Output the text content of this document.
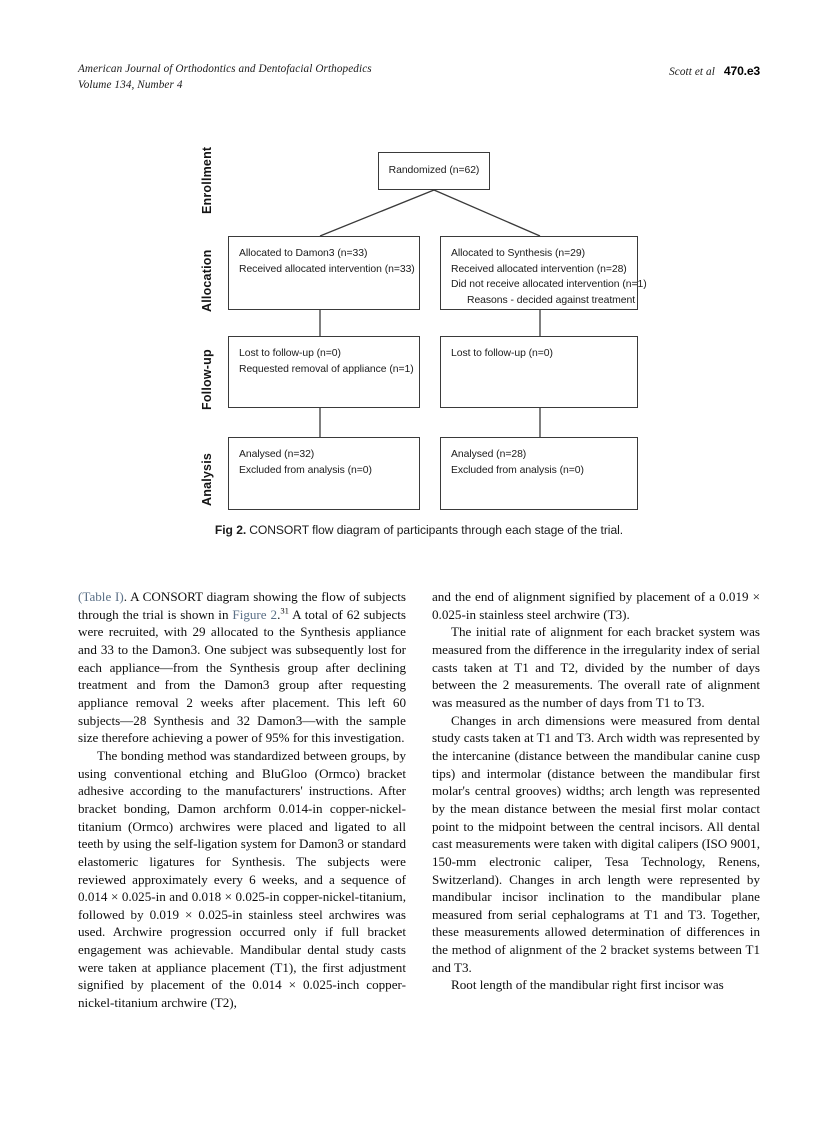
American Journal of Orthodontics and Dentofacial Orthopedics
Volume 134, Number 4
Scott et al 470.e3
Enrollment
Allocation
Follow-up
Analysis
Randomized (n=62)
Allocated to Damon3 (n=33)
Received allocated intervention (n=33)
Allocated to Synthesis (n=29)
Received allocated intervention (n=28)
Did not receive allocated intervention (n=1)
Reasons - decided against treatment
Lost to follow-up (n=0)
Requested removal of appliance (n=1)
Lost to follow-up (n=0)
Analysed (n=32)
Excluded from analysis (n=0)
Analysed (n=28)
Excluded from analysis (n=0)
Fig 2. CONSORT flow diagram of participants through each stage of the trial.

(Table I). A CONSORT diagram showing the flow of subjects through the trial is shown in Figure 2.31 A total of 62 subjects were recruited, with 29 allocated to the Synthesis appliance and 33 to the Damon3. One subject was subsequently lost for each appliance—from the Synthesis group after declining treatment and from the Damon3 group after requesting appliance removal 2 weeks after placement. This left 60 subjects—28 Synthesis and 32 Damon3—with the sample size therefore achieving a power of 95% for this investigation.

The bonding method was standardized between groups, by using conventional etching and BluGloo (Ormco) bracket adhesive according to the manufacturers' instructions. After bracket bonding, Damon archform 0.014-in copper-nickel-titanium (Ormco) archwires were placed and ligated to all teeth by using the self-ligation system for Damon3 or standard elastomeric ligatures for Synthesis. The subjects were reviewed approximately every 6 weeks, and a sequence of 0.014 × 0.025-in and 0.018 × 0.025-in copper-nickel-titanium, followed by 0.019 × 0.025-in stainless steel archwires was used. Archwire progression occurred only if full bracket engagement was achievable. Mandibular dental study casts were taken at appliance placement (T1), the first adjustment signified by placement of the 0.014 × 0.025-inch copper-nickel-titanium archwire (T2),

and the end of alignment signified by placement of a 0.019 × 0.025-in stainless steel archwire (T3).

The initial rate of alignment for each bracket system was measured from the difference in the irregularity index of serial casts taken at T1 and T2, divided by the number of days between the 2 measurements. The overall rate of alignment was measured as the number of days from T1 to T3.

Changes in arch dimensions were measured from dental study casts taken at T1 and T3. Arch width was represented by the intercanine (distance between the mandibular canine cusp tips) and intermolar (distance between the mandibular first molar's central grooves) widths; arch length was represented by the mean distance between the mesial first molar contact point to the midpoint between the central incisors. All dental cast measurements were taken with digital calipers (ISO 9001, 150-mm electronic caliper, Tesa Technology, Renens, Switzerland). Changes in arch length were represented by mandibular incisor inclination to the mandibular plane measured from serial cephalograms at T1 and T3. Together, these measurements allowed determination of differences in the method of alignment of the 2 bracket systems between T1 and T3.

Root length of the mandibular right first incisor was
